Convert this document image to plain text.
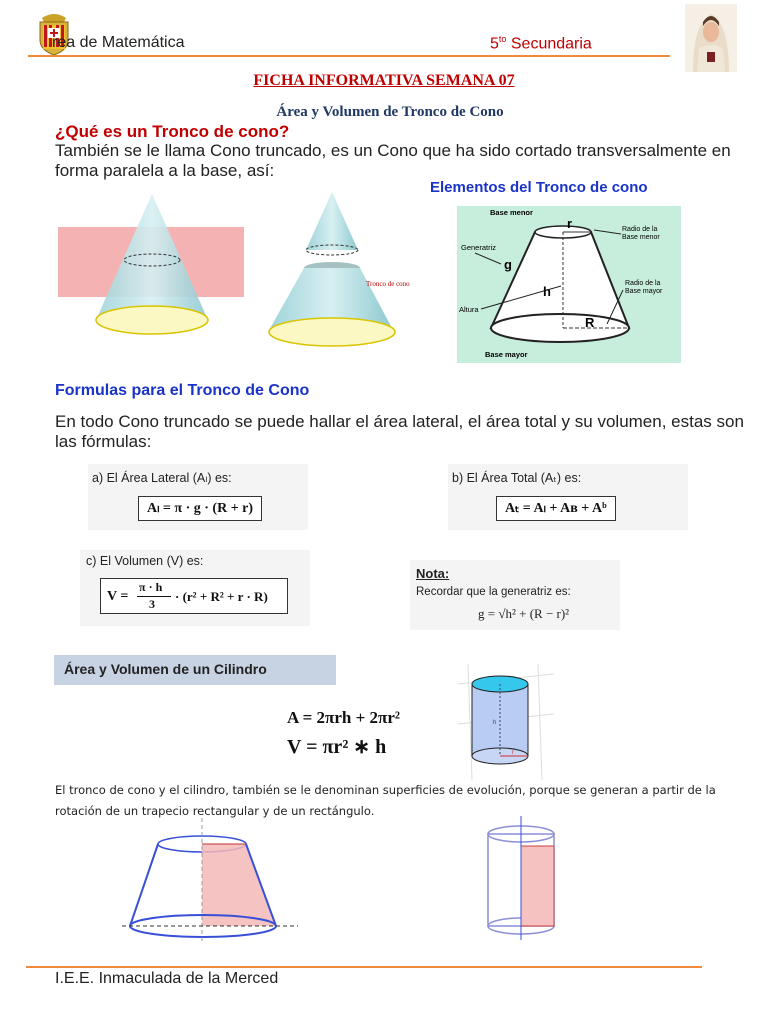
rea de Matemática	$5^{to}$ Secundaria
FICHA INFORMATIVA SEMANA 07
Área y Volumen de Tronco de Cono
¿Qué es un Tronco de cono?
También se le llama Cono truncado, es un Cono que ha sido cortado transversalmente en forma paralela a la base, así:
Tronco de cono
Elementos del Tronco de cono
Base menor
r	Radio de la
Base menor
Generatriz
g
h
Altura
Radio de la
Base mayor
R
Base mayor
Formulas para el Tronco de Cono
En todo Cono truncado se puede hallar el área lateral, el área total y su volumen, estas son las fórmulas:
a) El Área Lateral (Aₗ) es:
Aₗ = π · g · (R + r)
b) El Área Total (Aₜ) es:
Aₜ = Aₗ + Aʙ + Aᵇ
c) El Volumen (V) es:
V =
π · h
3 · (r² + R² + r · R)
Nota:
Recordar que la generatriz es:
g = √h² + (R − r)²
Área y Volumen de un Cilindro
A = 2πrh + 2πr²
V = πr² ∗ h
h
r
El tronco de cono y el cilindro, también se le denominan superficies de evolución, porque se generan a partir de la rotación de un trapecio rectangular y de un rectángulo.
I.E.E. Inmaculada de la Merced
